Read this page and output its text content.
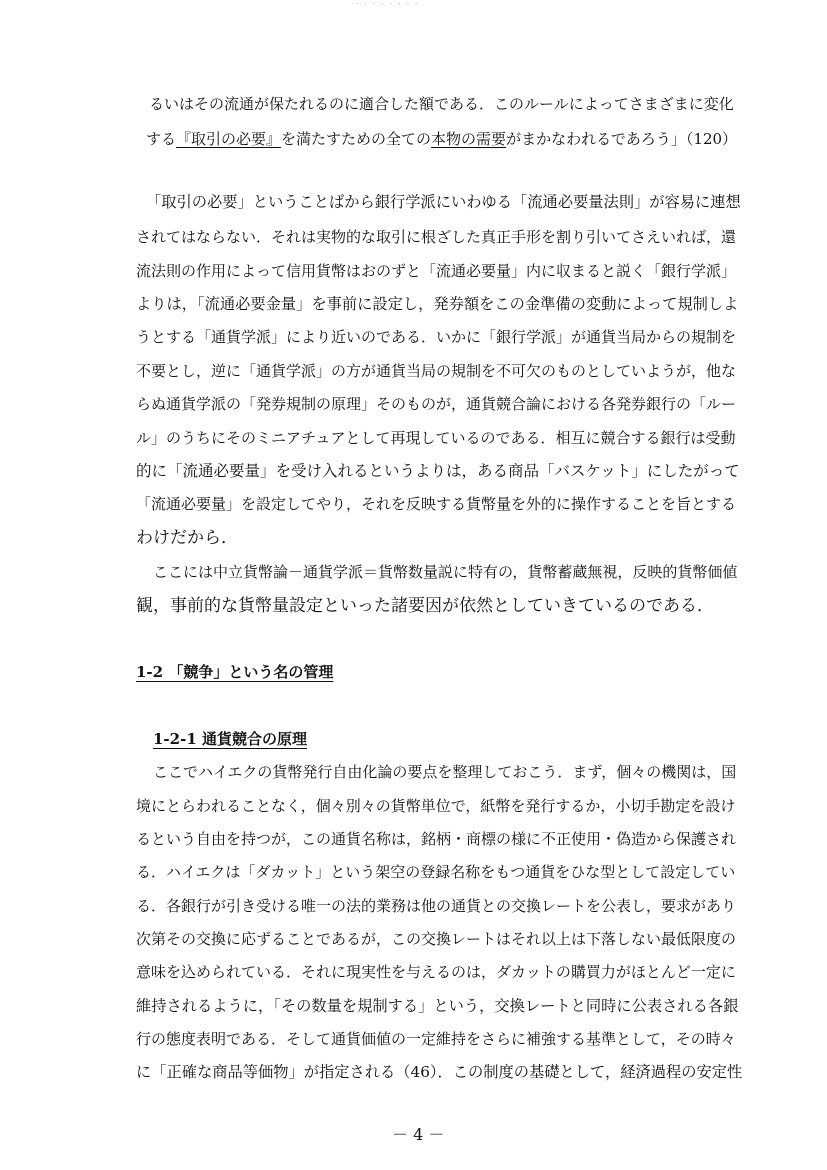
· · · · · · · ·
るいはその流通が保たれるのに適合した額である．このルールによってさまざまに変化
する『取引の必要』を満たすための全ての本物の需要がまかなわれるであろう」（120）
「取引の必要」ということばから銀行学派にいわゆる「流通必要量法則」が容易に連想
されてはならない．それは実物的な取引に根ざした真正手形を割り引いてさえいれば，還
流法則の作用によって信用貨幣はおのずと「流通必要量」内に収まると説く「銀行学派」
よりは，「流通必要金量」を事前に設定し，発券額をこの金準備の変動によって規制しよ
うとする「通貨学派」により近いのである．いかに「銀行学派」が通貨当局からの規制を
不要とし，逆に「通貨学派」の方が通貨当局の規制を不可欠のものとしていようが，他な
らぬ通貨学派の「発券規制の原理」そのものが，通貨競合論における各発券銀行の「ルー
ル」のうちにそのミニアチュアとして再現しているのである．相互に競合する銀行は受動
的に「流通必要量」を受け入れるというよりは，ある商品「バスケット」にしたがって
「流通必要量」を設定してやり，それを反映する貨幣量を外的に操作することを旨とする
わけだから．
ここには中立貨幣論－通貨学派＝貨幣数量説に特有の，貨幣蓄蔵無視，反映的貨幣価値
観，事前的な貨幣量設定といった諸要因が依然としていきているのである．
1-2 「競争」という名の管理
1-2-1 通貨競合の原理
ここでハイエクの貨幣発行自由化論の要点を整理しておこう．まず，個々の機関は，国
境にとらわれることなく，個々別々の貨幣単位で，紙幣を発行するか，小切手勘定を設け
るという自由を持つが，この通貨名称は，銘柄・商標の様に不正使用・偽造から保護され
る．ハイエクは「ダカット」という架空の登録名称をもつ通貨をひな型として設定してい
る．各銀行が引き受ける唯一の法的業務は他の通貨との交換レートを公表し，要求があり
次第その交換に応ずることであるが，この交換レートはそれ以上は下落しない最低限度の
意味を込められている．それに現実性を与えるのは，ダカットの購買力がほとんど一定に
維持されるように，「その数量を規制する」という，交換レートと同時に公表される各銀
行の態度表明である．そして通貨価値の一定維持をさらに補強する基準として，その時々
に「正確な商品等価物」が指定される（46）．この制度の基礎として，経済過程の安定性
－ 4 －
